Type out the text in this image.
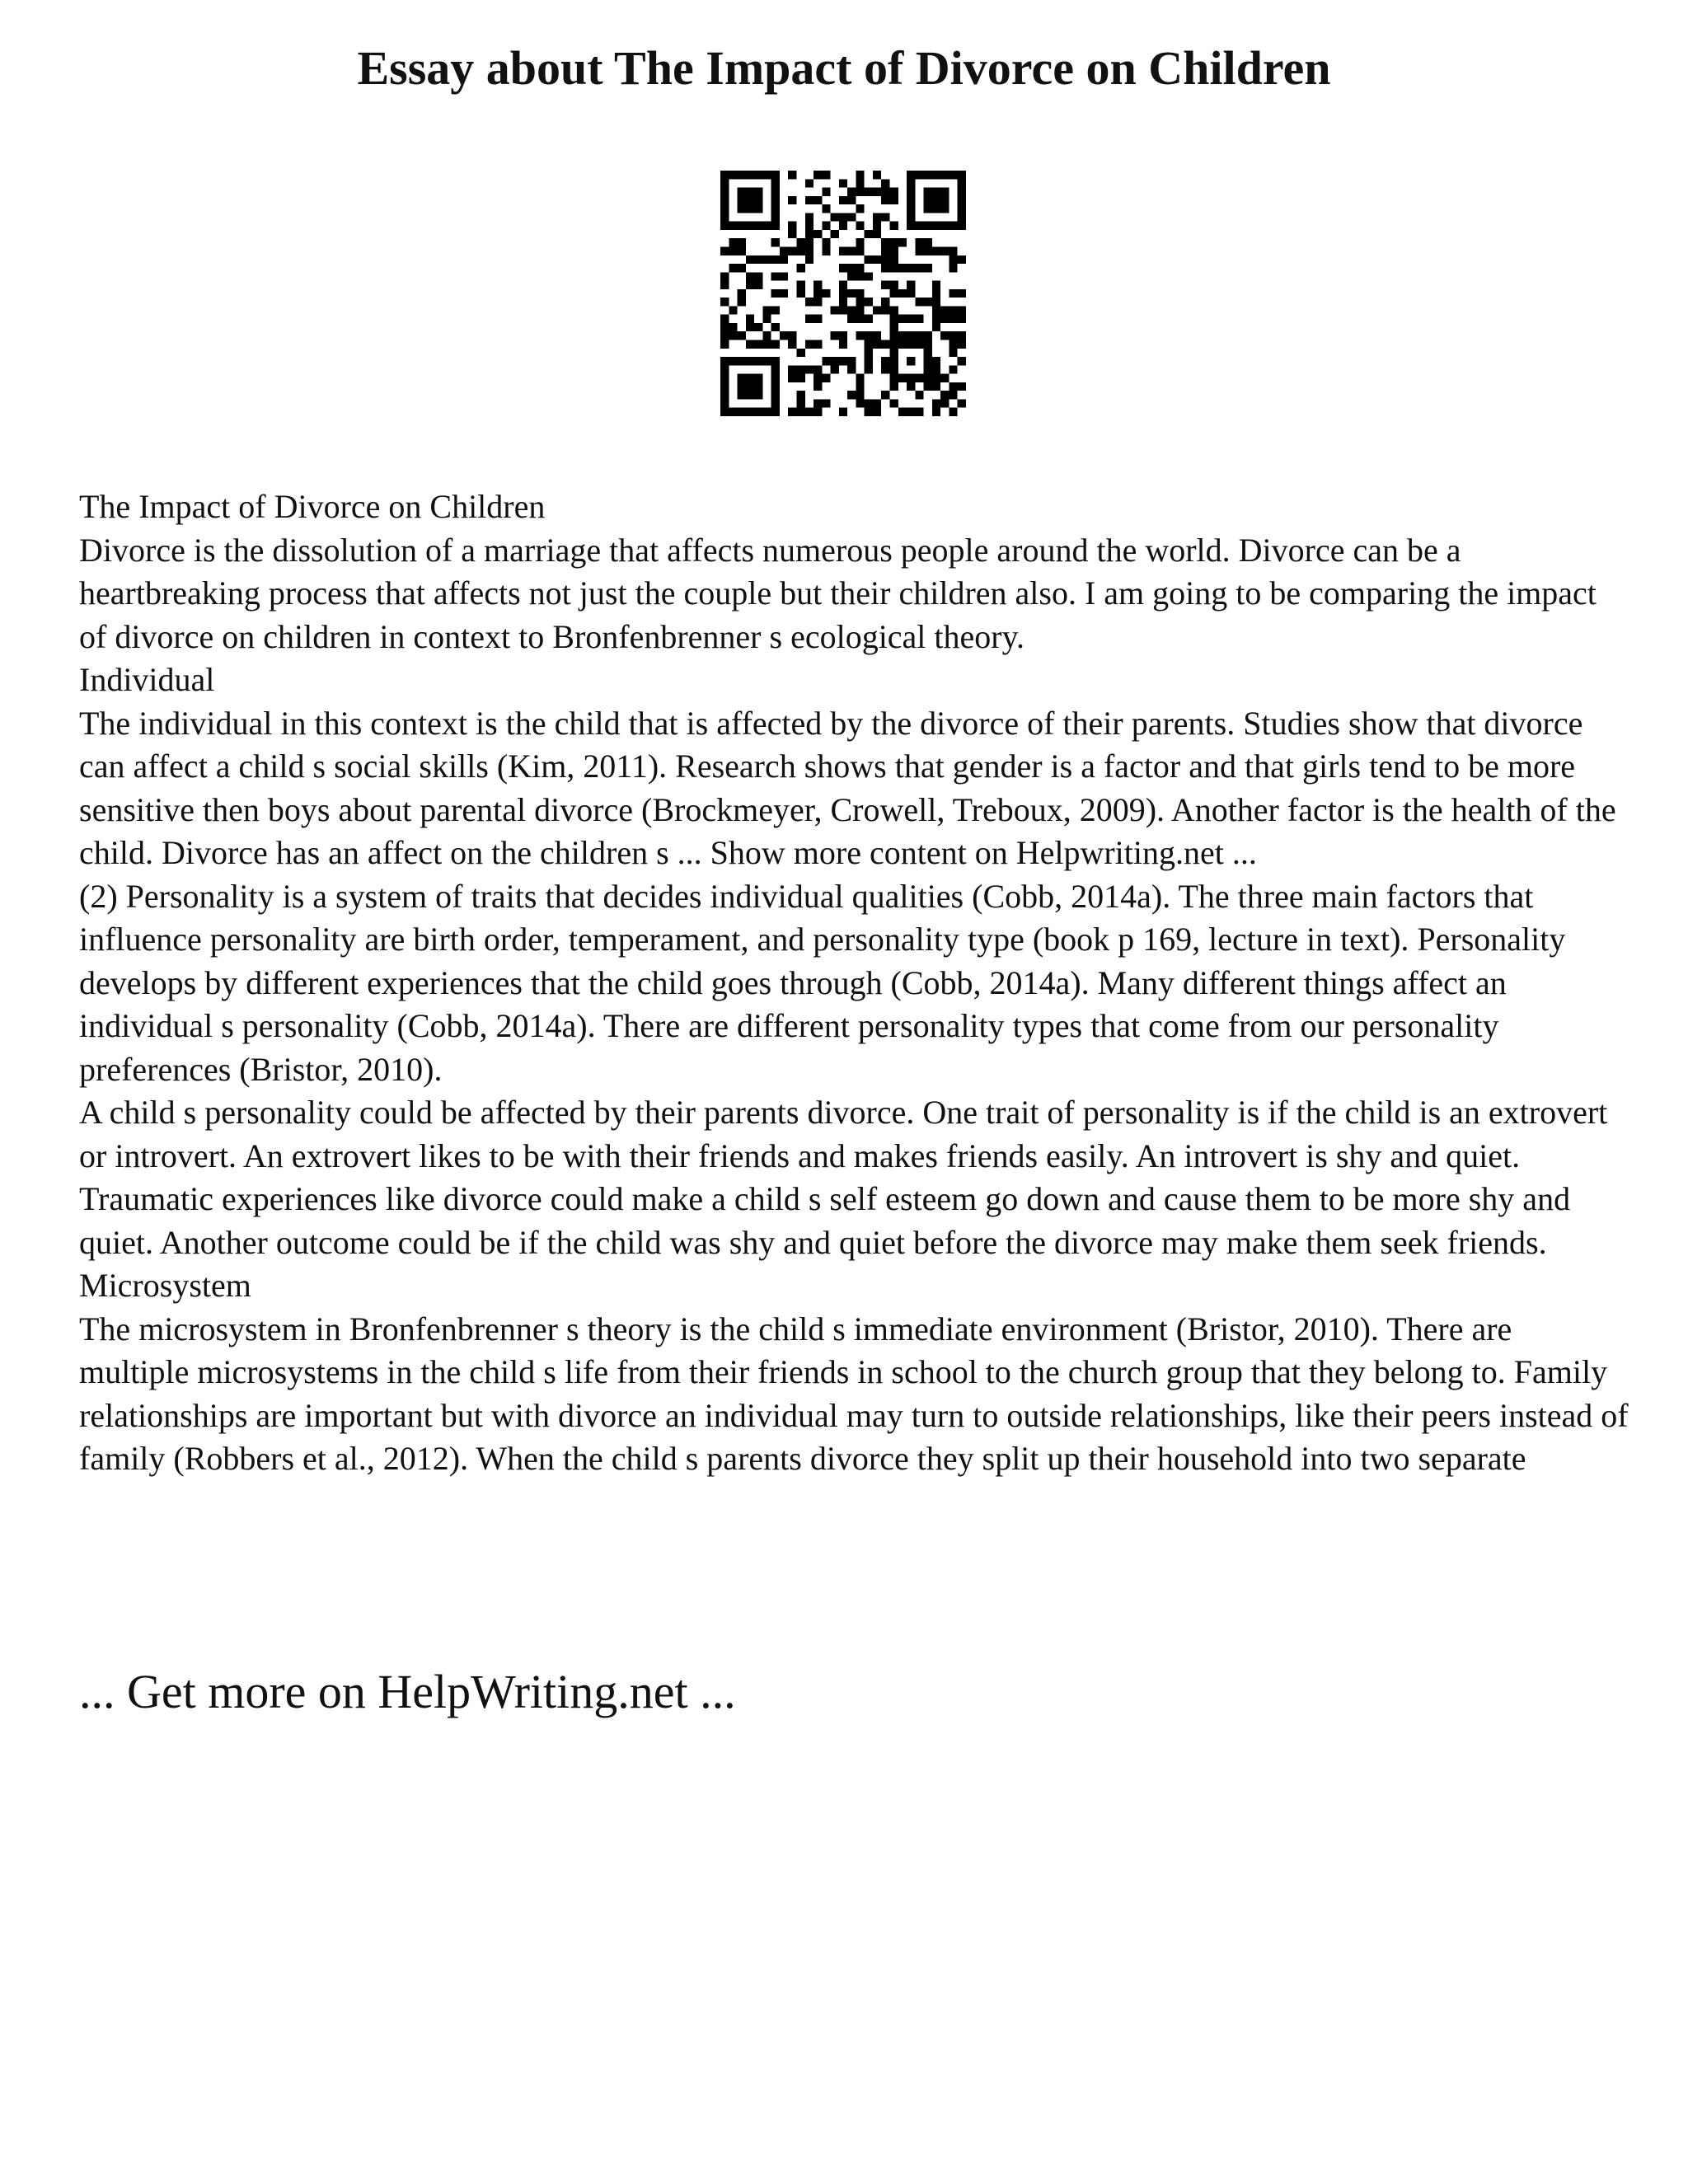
Essay about The Impact of Divorce on Children

The Impact of Divorce on Children

Divorce is the dissolution of a marriage that affects numerous people around the world. Divorce can be a heartbreaking process that affects not just the couple but their children also. I am going to be comparing the impact of divorce on children in context to Bronfenbrenner s ecological theory.

Individual

The individual in this context is the child that is affected by the divorce of their parents. Studies show that divorce can affect a child s social skills (Kim, 2011). Research shows that gender is a factor and that girls tend to be more sensitive then boys about parental divorce (Brockmeyer, Crowell, Treboux, 2009). Another factor is the health of the child. Divorce has an affect on the children s ... Show more content on Helpwriting.net ...

(2) Personality is a system of traits that decides individual qualities (Cobb, 2014a). The three main factors that influence personality are birth order, temperament, and personality type (book p 169, lecture in text). Personality develops by different experiences that the child goes through (Cobb, 2014a). Many different things affect an individual s personality (Cobb, 2014a). There are different personality types that come from our personality preferences (Bristor, 2010).

A child s personality could be affected by their parents divorce. One trait of personality is if the child is an extrovert or introvert. An extrovert likes to be with their friends and makes friends easily. An introvert is shy and quiet. Traumatic experiences like divorce could make a child s self esteem go down and cause them to be more shy and quiet. Another outcome could be if the child was shy and quiet before the divorce may make them seek friends.

Microsystem

The microsystem in Bronfenbrenner s theory is the child s immediate environment (Bristor, 2010). There are multiple microsystems in the child s life from their friends in school to the church group that they belong to. Family relationships are important but with divorce an individual may turn to outside relationships, like their peers instead of family (Robbers et al., 2012). When the child s parents divorce they split up their household into two separate

... Get more on HelpWriting.net ...
